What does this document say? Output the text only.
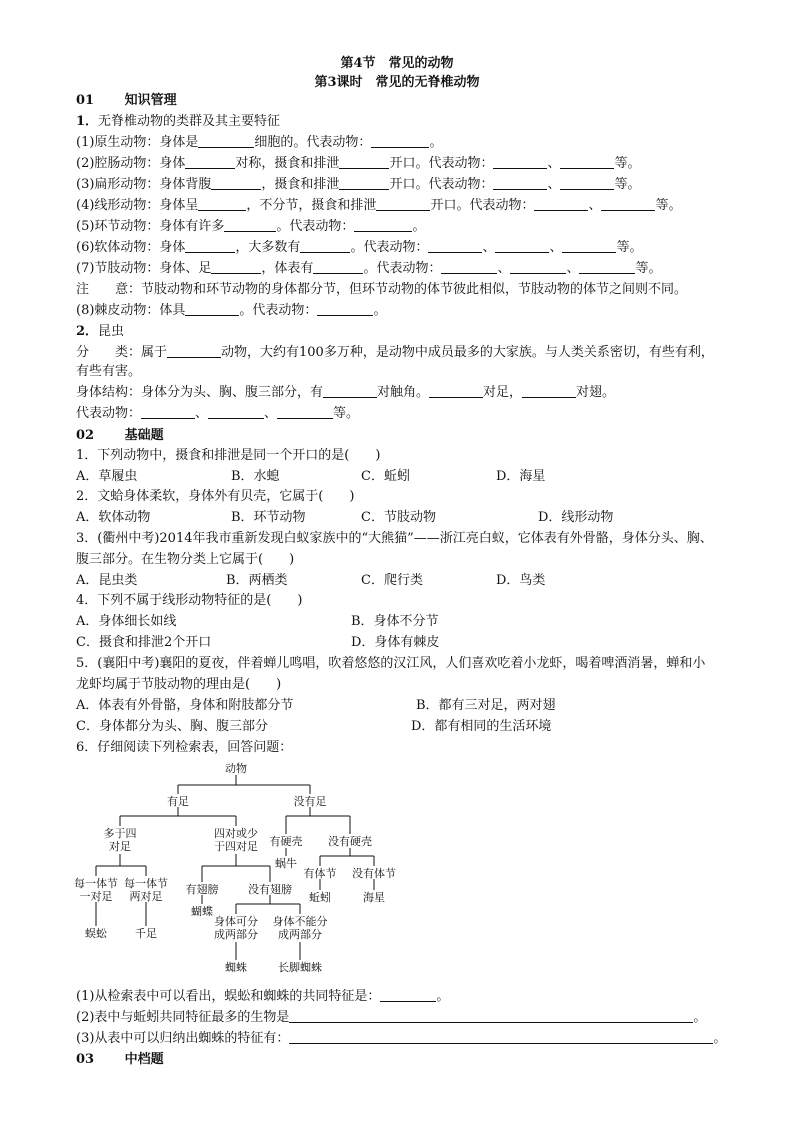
第4节　常见的动物
第3课时　常见的无脊椎动物
01 知识管理
1．无脊椎动物的类群及其主要特征
(1)原生动物：身体是	细胞的。代表动物：	。
(2)腔肠动物：身体	对称，摄食和排泄	开口。代表动物：	、	等。
(3)扁形动物：身体背腹	，摄食和排泄	开口。代表动物：	、	等。
(4)线形动物：身体呈	，不分节，摄食和排泄	开口。代表动物：	、	等。
(5)环节动物：身体有许多	。代表动物：	。
(6)软体动物：身体	，大多数有	。代表动物：	、	、	等。
(7)节肢动物：身体、足	，体表有	。代表动物：	、	、	等。
注　　意：节肢动物和环节动物的身体都分节，但环节动物的体节彼此相似，节肢动物的体节之间则不同。
(8)棘皮动物：体具	。代表动物：	。
2．昆虫
分　　类：属于	动物，大约有100多万种，是动物中成员最多的大家族。与人类关系密切，有些有利，
有些有害。
身体结构：身体分为头、胸、腹三部分，有	对触角。	对足，	对翅。
代表动物：	、	、	等。
02 基础题
1．下列动物中，摄食和排泄是同一个开口的是(　　)
A．草履虫	B．水螅	C．蚯蚓	D．海星
2．文蛤身体柔软，身体外有贝壳，它属于(　　)
A．软体动物	B．环节动物	C．节肢动物	D．线形动物
3．(衢州中考)2014年我市重新发现白蚁家族中的“大熊猫”——浙江亮白蚁，它体表有外骨骼，身体分头、胸、
腹三部分。在生物分类上它属于(　　)
A．昆虫类	B．两栖类	C．爬行类	D．鸟类
4．下列不属于线形动物特征的是(　　)
A．身体细长如线	B．身体不分节
C．摄食和排泄2个开口	D．身体有棘皮
5．(襄阳中考)襄阳的夏夜，伴着蝉儿鸣唱，吹着悠悠的汉江风，人们喜欢吃着小龙虾，喝着啤酒消暑，蝉和小
龙虾均属于节肢动物的理由是(　　)
A．体表有外骨骼，身体和附肢都分节	B．都有三对足，两对翅
C．身体都分为头、胸、腹三部分	D．都有相同的生活环境
6．仔细阅读下列检索表，回答问题：
动物
有足	没有足
多于四
对足
四对或少
于四对足	有硬壳	没有硬壳
蜗牛
有体节	没有体节
每一体节
一对足
每一体节
两对足
有翅膀	没有翅膀
蚯蚓	海星
蝴蝶
身体可分
成两部分
身体不能分
成两部分
蜈蚣	千足
蜘蛛	长脚蜘蛛
(1)从检索表中可以看出，蜈蚣和蜘蛛的共同特征是：	。
(2)表中与蚯蚓共同特征最多的生物是	。
(3)从表中可以归纳出蜘蛛的特征有：	。
03 中档题
